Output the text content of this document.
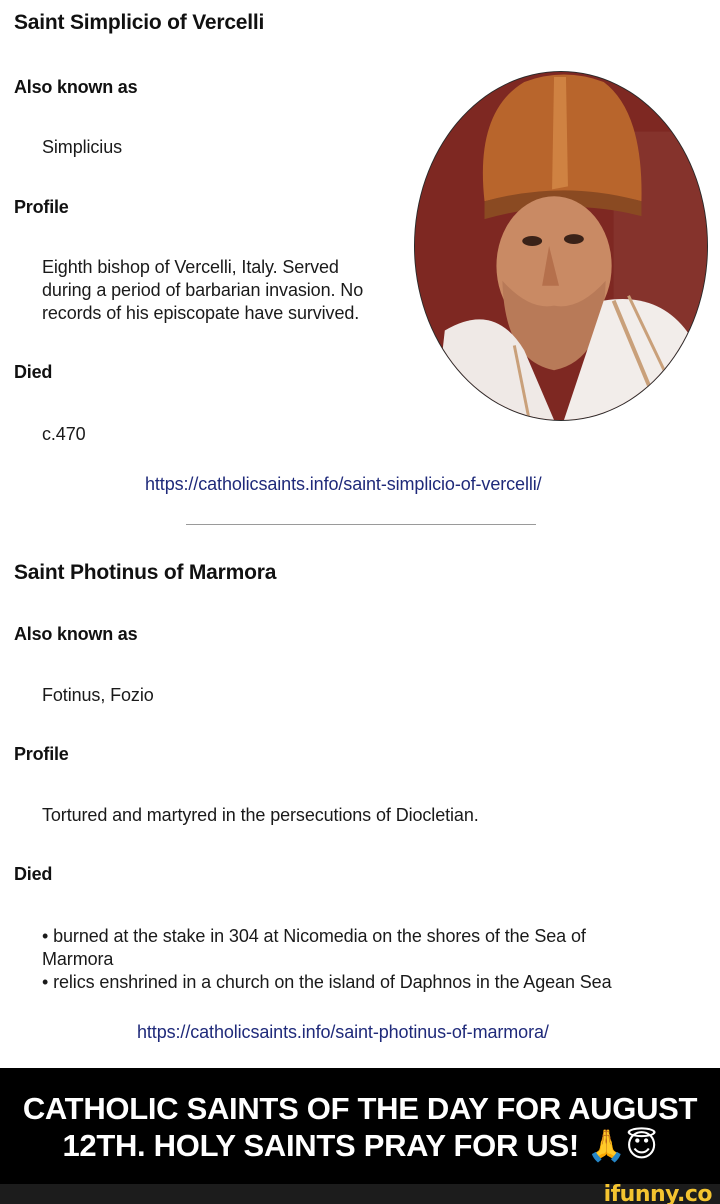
Saint Simplicio of Vercelli
Also known as
Simplicius
Profile
Eighth bishop of Vercelli, Italy. Served
during a period of barbarian invasion. No
records of his episcopate have survived.
Died
c.470
https://catholicsaints.info/saint-simplicio-of-vercelli/
Saint Photinus of Marmora
Also known as
Fotinus, Fozio
Profile
Tortured and martyred in the persecutions of Diocletian.
Died
• burned at the stake in 304 at Nicomedia on the shores of the Sea of
Marmora
• relics enshrined in a church on the island of Daphnos in the Agean Sea
https://catholicsaints.info/saint-photinus-of-marmora/
CATHOLIC SAINTS OF THE DAY FOR AUGUST
12TH. HOLY SAINTS PRAY FOR US! 🙏😇
ifunny.co
